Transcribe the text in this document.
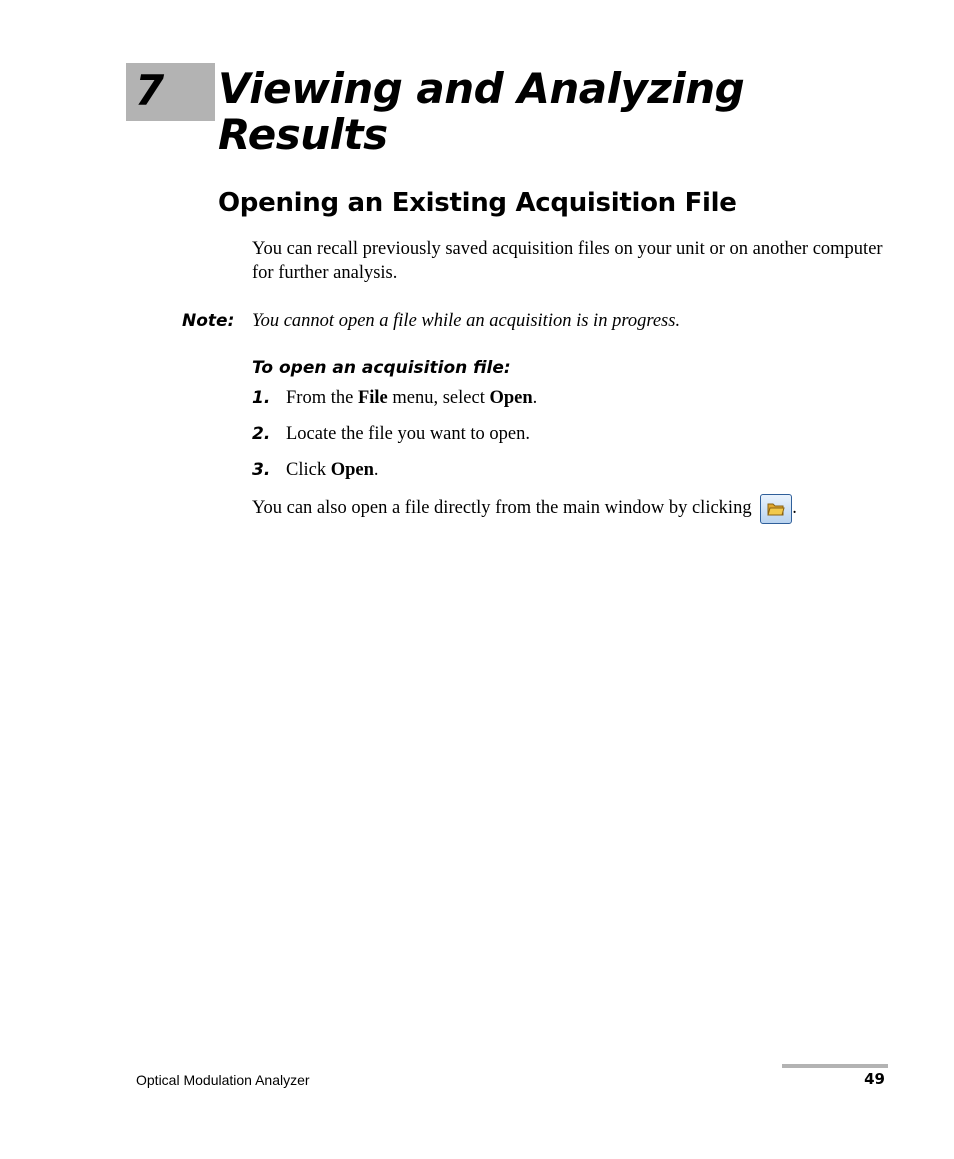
7 Viewing and Analyzing Results
Opening an Existing Acquisition File

You can recall previously saved acquisition files on your unit or on another computer for further analysis.

Note: You cannot open a file while an acquisition is in progress.
To open an acquisition file:
1. From the File menu, select Open.
2. Locate the file you want to open.
3. Click Open.
You can also open a file directly from the main window by clicking .
Optical Modulation Analyzer	49
